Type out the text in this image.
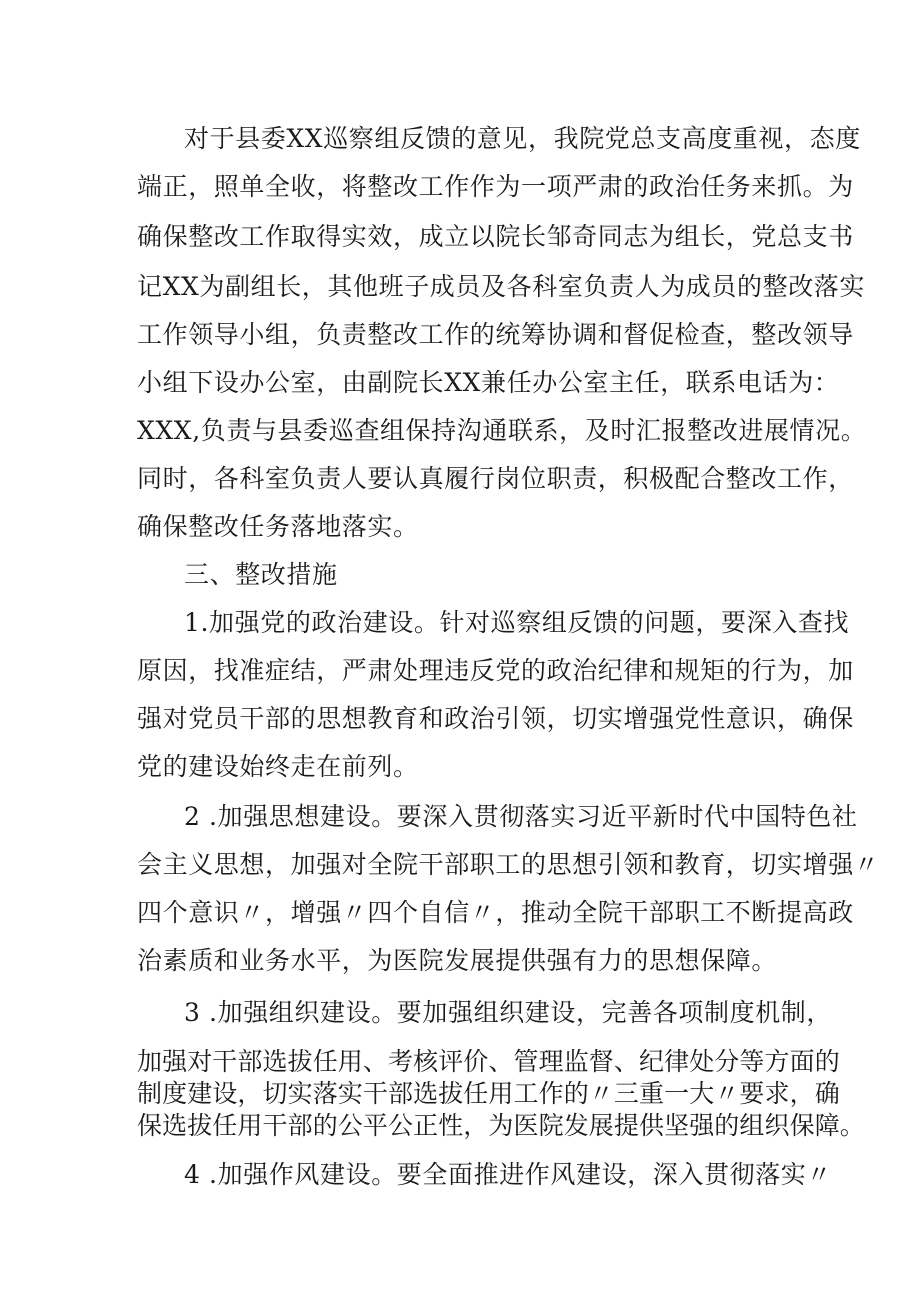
对于县委XX巡察组反馈的意见，我院党总支高度重视，态度
端正，照单全收，将整改工作作为一项严肃的政治任务来抓。为
确保整改工作取得实效，成立以院长邹奇同志为组长，党总支书
记XX为副组长，其他班子成员及各科室负责人为成员的整改落实
工作领导小组，负责整改工作的统筹协调和督促检查，整改领导
小组下设办公室，由副院长XX兼任办公室主任，联系电话为：
XXX,负责与县委巡查组保持沟通联系，及时汇报整改进展情况。
同时，各科室负责人要认真履行岗位职责，积极配合整改工作，
确保整改任务落地落实。
三、整改措施
1.加强党的政治建设。针对巡察组反馈的问题，要深入查找
原因，找准症结，严肃处理违反党的政治纪律和规矩的行为，加
强对党员干部的思想教育和政治引领，切实增强党性意识，确保
党的建设始终走在前列。
2 .加强思想建设。要深入贯彻落实习近平新时代中国特色社
会主义思想，加强对全院干部职工的思想引领和教育，切实增强〃
四个意识〃，增强〃四个自信〃，推动全院干部职工不断提高政
治素质和业务水平，为医院发展提供强有力的思想保障。
3 .加强组织建设。要加强组织建设，完善各项制度机制，
加强对干部选拔任用、考核评价、管理监督、纪律处分等方面的
制度建设，切实落实干部选拔任用工作的〃三重一大〃要求，确
保选拔任用干部的公平公正性，为医院发展提供坚强的组织保障。
4 .加强作风建设。要全面推进作风建设，深入贯彻落实〃
